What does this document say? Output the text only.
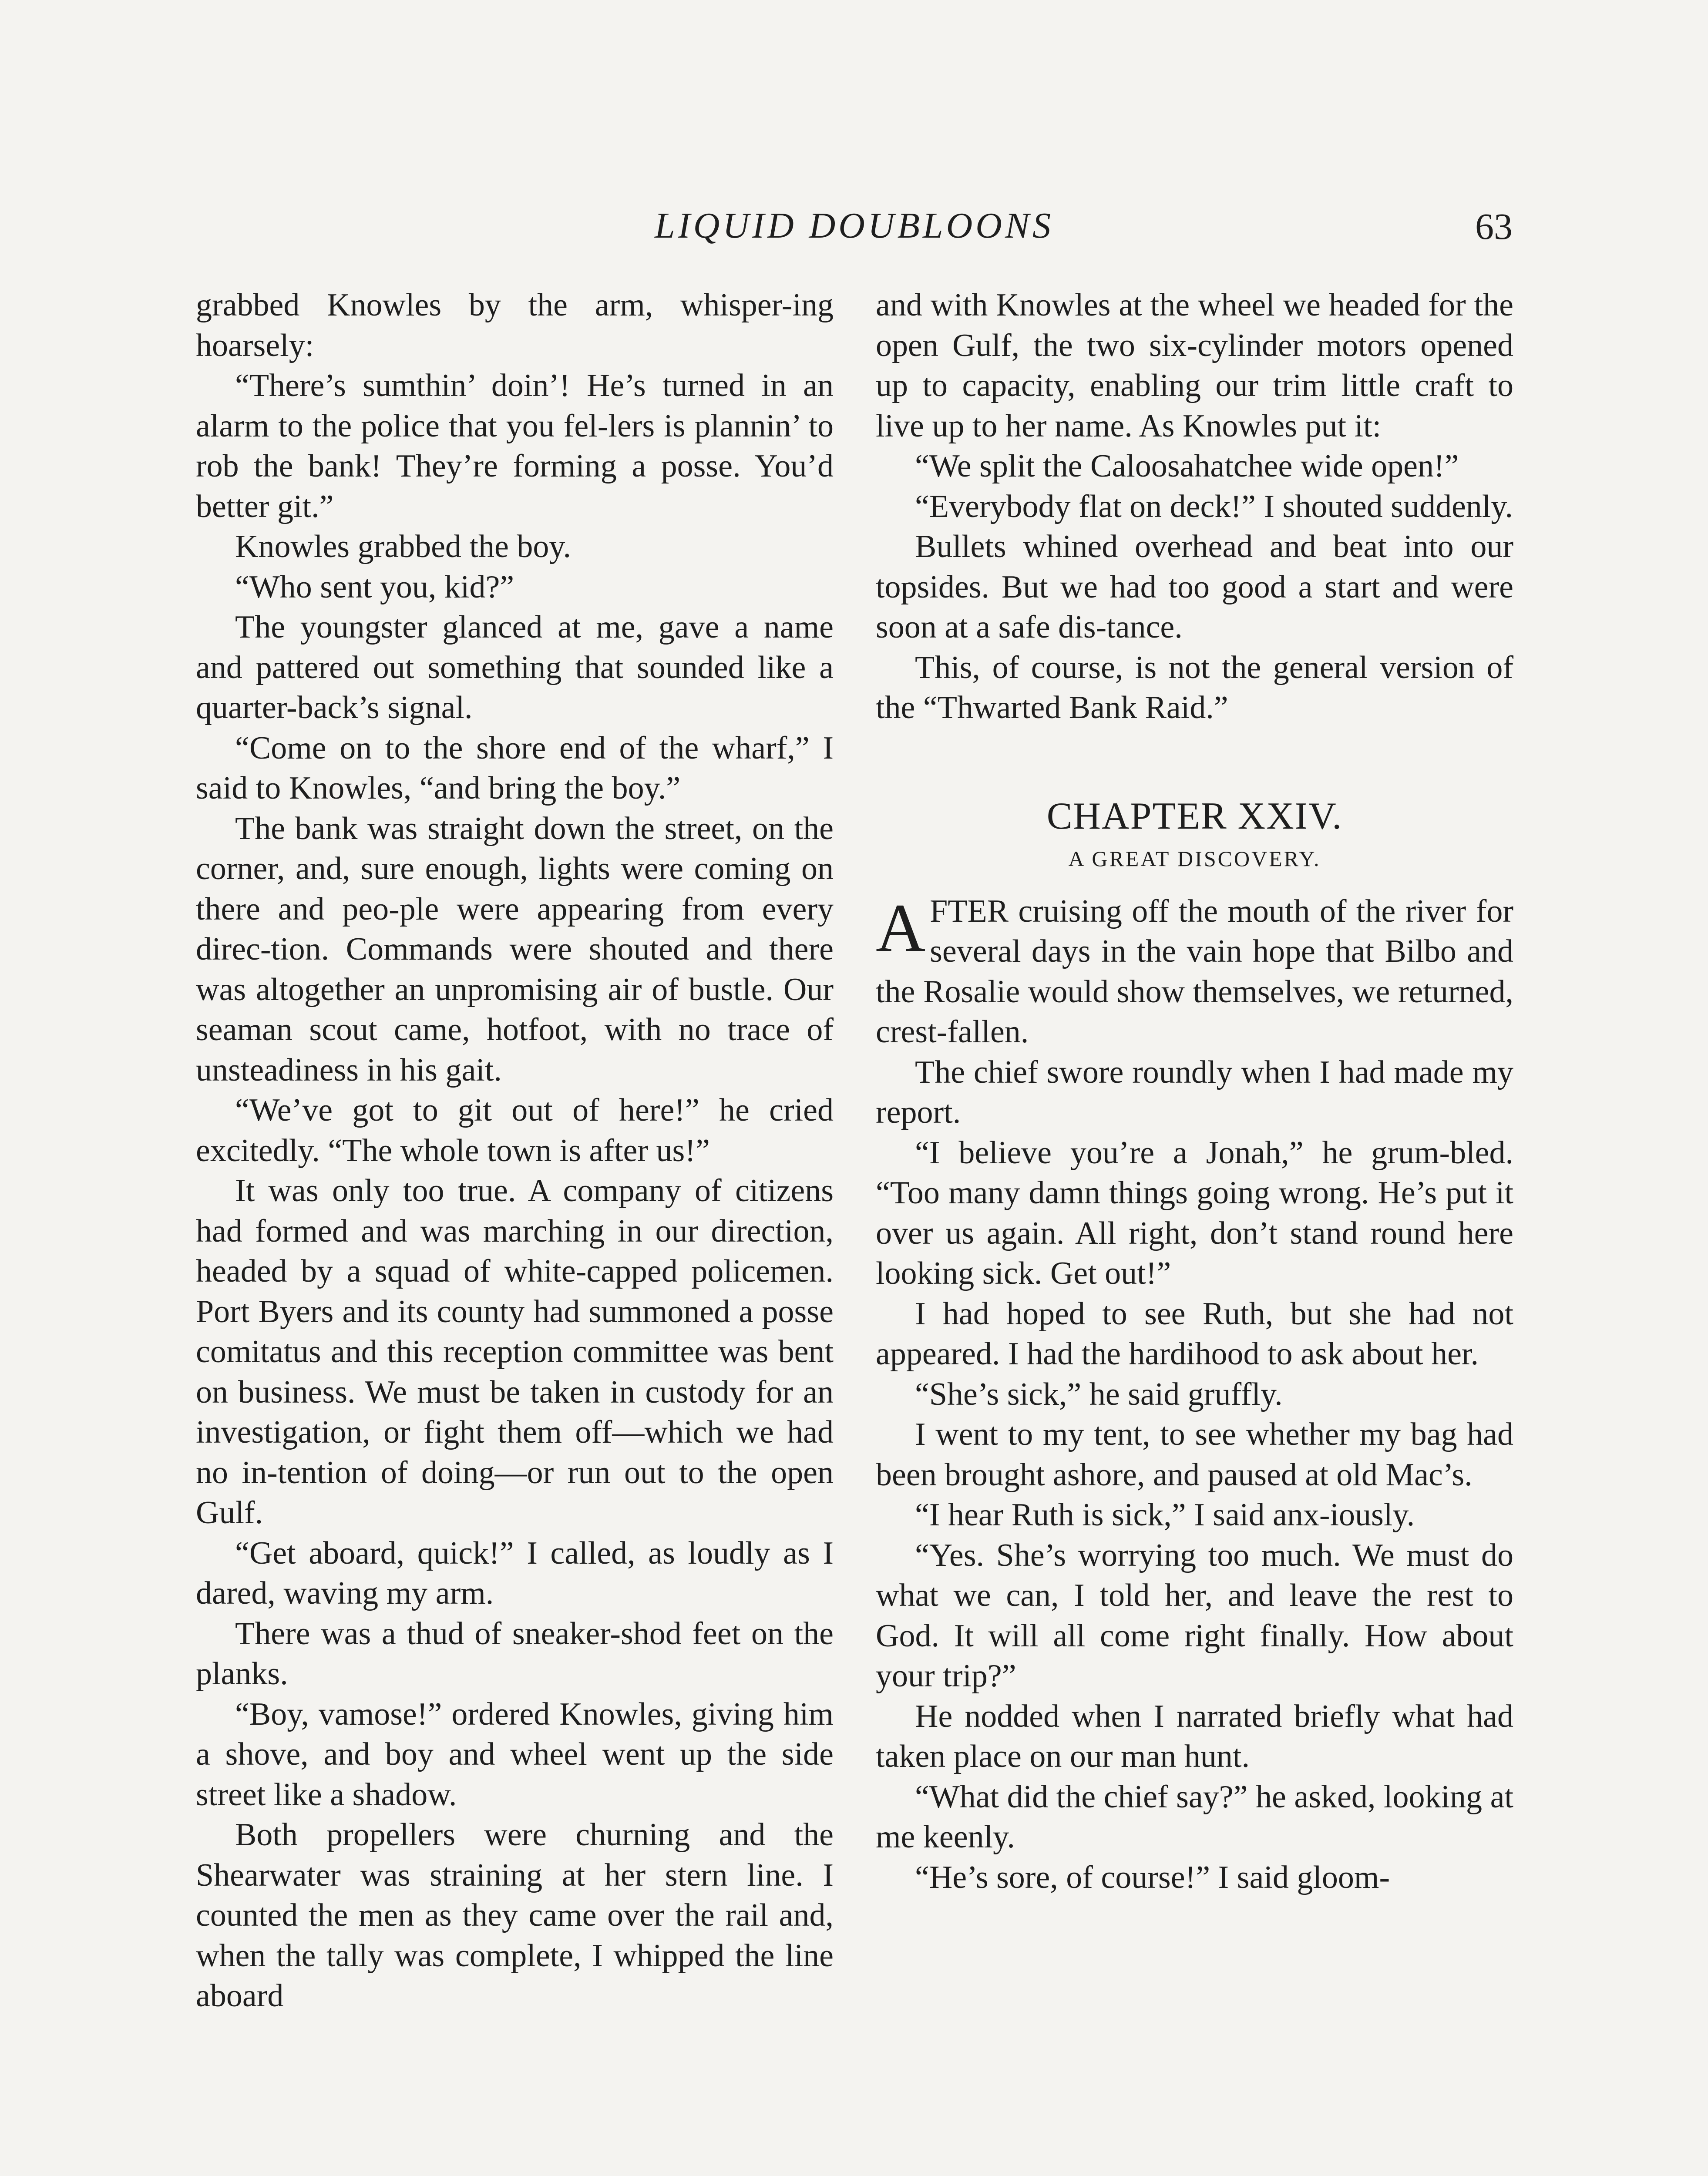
LIQUID DOUBLOONS	63

grabbed Knowles by the arm, whisper-ing hoarsely:

“There’s sumthin’ doin’! He’s turned in an alarm to the police that you fel-lers is plannin’ to rob the bank! They’re forming a posse. You’d better git.”

Knowles grabbed the boy.

“Who sent you, kid?”

The youngster glanced at me, gave a name and pattered out something that sounded like a quarter-back’s signal.

“Come on to the shore end of the wharf,” I said to Knowles, “and bring the boy.”

The bank was straight down the street, on the corner, and, sure enough, lights were coming on there and peo-ple were appearing from every direc-tion. Commands were shouted and there was altogether an unpromising air of bustle. Our seaman scout came, hotfoot, with no trace of unsteadiness in his gait.

“We’ve got to git out of here!” he cried excitedly. “The whole town is after us!”

It was only too true. A company of citizens had formed and was marching in our direction, headed by a squad of white-capped policemen. Port Byers and its county had summoned a posse comitatus and this reception committee was bent on business. We must be taken in custody for an investigation, or fight them off—which we had no in-tention of doing—or run out to the open Gulf.

“Get aboard, quick!” I called, as loudly as I dared, waving my arm.

There was a thud of sneaker-shod feet on the planks.

“Boy, vamose!” ordered Knowles, giving him a shove, and boy and wheel went up the side street like a shadow.

Both propellers were churning and the Shearwater was straining at her stern line. I counted the men as they came over the rail and, when the tally was complete, I whipped the line aboard

and with Knowles at the wheel we headed for the open Gulf, the two six-cylinder motors opened up to capacity, enabling our trim little craft to live up to her name. As Knowles put it:

“We split the Caloosahatchee wide open!”

“Everybody flat on deck!” I shouted suddenly.

Bullets whined overhead and beat into our topsides. But we had too good a start and were soon at a safe dis-tance.

This, of course, is not the general version of the “Thwarted Bank Raid.”

CHAPTER XXIV.
A GREAT DISCOVERY.

AFTER cruising off the mouth of the river for several days in the vain hope that Bilbo and the Rosalie would show themselves, we returned, crest-fallen.

The chief swore roundly when I had made my report.

“I believe you’re a Jonah,” he grum-bled. “Too many damn things going wrong. He’s put it over us again. All right, don’t stand round here looking sick. Get out!”

I had hoped to see Ruth, but she had not appeared. I had the hardihood to ask about her.

“She’s sick,” he said gruffly.

I went to my tent, to see whether my bag had been brought ashore, and paused at old Mac’s.

“I hear Ruth is sick,” I said anx-iously.

“Yes. She’s worrying too much. We must do what we can, I told her, and leave the rest to God. It will all come right finally. How about your trip?”

He nodded when I narrated briefly what had taken place on our man hunt.

“What did the chief say?” he asked, looking at me keenly.

“He’s sore, of course!” I said gloom-
